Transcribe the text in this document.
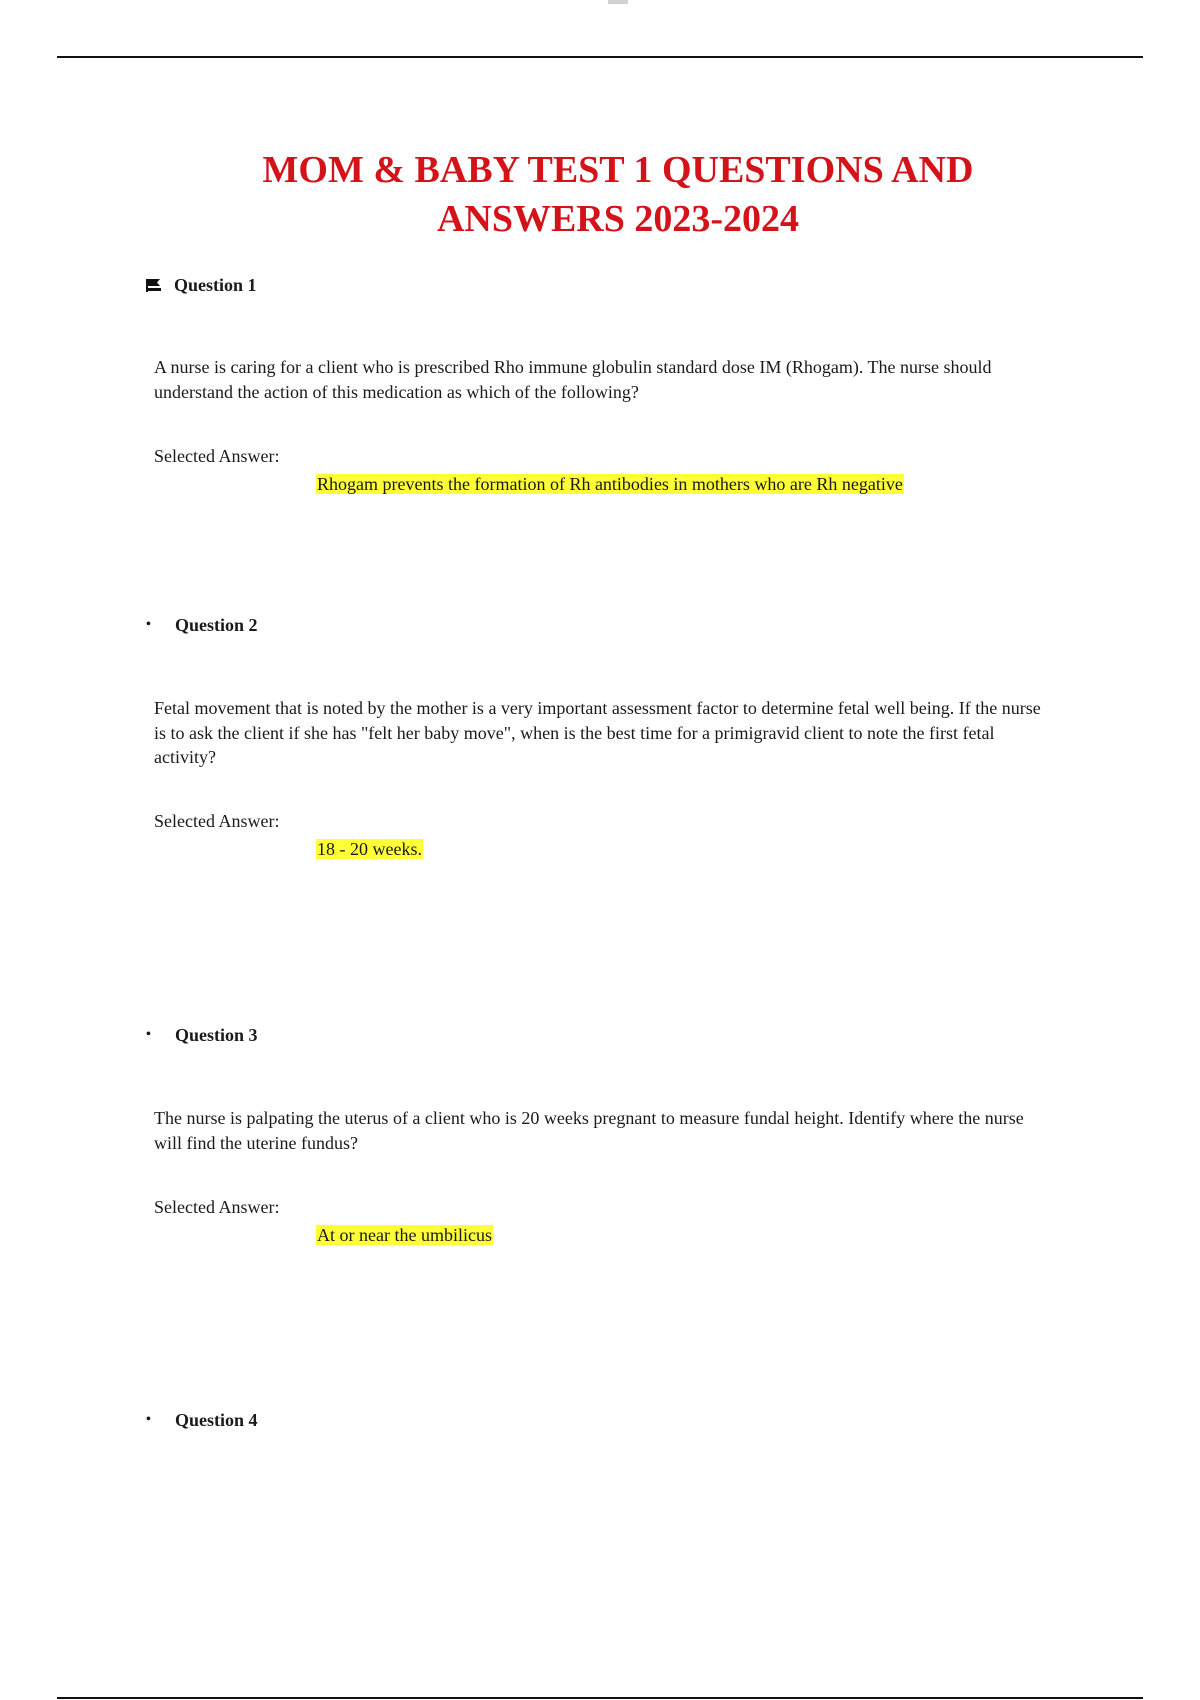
MOM & BABY TEST 1 QUESTIONS AND
ANSWERS 2023-2024
Question 1

A nurse is caring for a client who is prescribed Rho immune globulin standard dose IM (Rhogam). The nurse should understand the action of this medication as which of the following?

Selected Answer:
Rhogam prevents the formation of Rh antibodies in mothers who are Rh negative
•	Question 2

Fetal movement that is noted by the mother is a very important assessment factor to determine fetal well being. If the nurse is to ask the client if she has "felt her baby move", when is the best time for a primigravid client to note the first fetal activity?

Selected Answer:
18 - 20 weeks.
•	Question 3

The nurse is palpating the uterus of a client who is 20 weeks pregnant to measure fundal height. Identify where the nurse will find the uterine fundus?

Selected Answer:
At or near the umbilicus
•	Question 4
